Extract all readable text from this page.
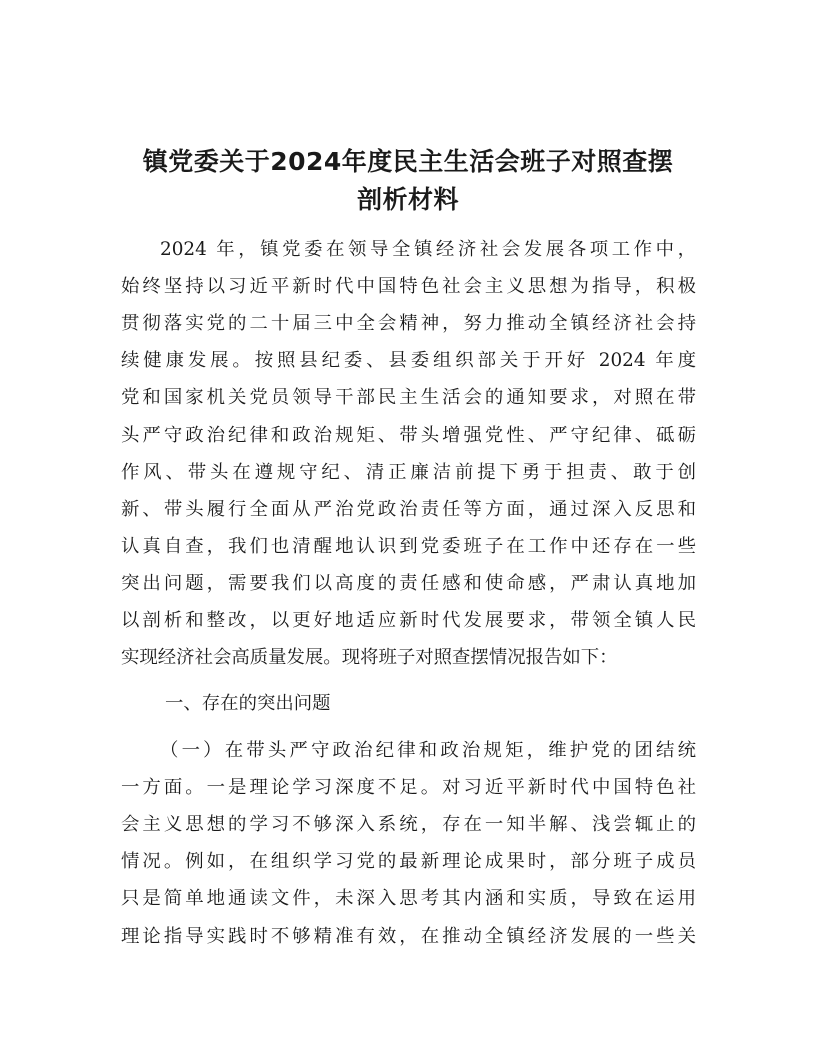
镇党委关于2024年度民主生活会班子对照查摆
剖析材料
2024 年，镇党委在领导全镇经济社会发展各项工作中，
始终坚持以习近平新时代中国特色社会主义思想为指导，积极
贯彻落实党的二十届三中全会精神，努力推动全镇经济社会持
续健康发展。按照县纪委、县委组织部关于开好 2024 年度
党和国家机关党员领导干部民主生活会的通知要求，对照在带
头严守政治纪律和政治规矩、带头增强党性、严守纪律、砥砺
作风、带头在遵规守纪、清正廉洁前提下勇于担责、敢于创
新、带头履行全面从严治党政治责任等方面，通过深入反思和
认真自查，我们也清醒地认识到党委班子在工作中还存在一些
突出问题，需要我们以高度的责任感和使命感，严肃认真地加
以剖析和整改，以更好地适应新时代发展要求，带领全镇人民
实现经济社会高质量发展。现将班子对照查摆情况报告如下：
一、存在的突出问题
（一）在带头严守政治纪律和政治规矩，维护党的团结统
一方面。一是理论学习深度不足。对习近平新时代中国特色社
会主义思想的学习不够深入系统，存在一知半解、浅尝辄止的
情况。例如，在组织学习党的最新理论成果时，部分班子成员
只是简单地通读文件，未深入思考其内涵和实质，导致在运用
理论指导实践时不够精准有效，在推动全镇经济发展的一些关
